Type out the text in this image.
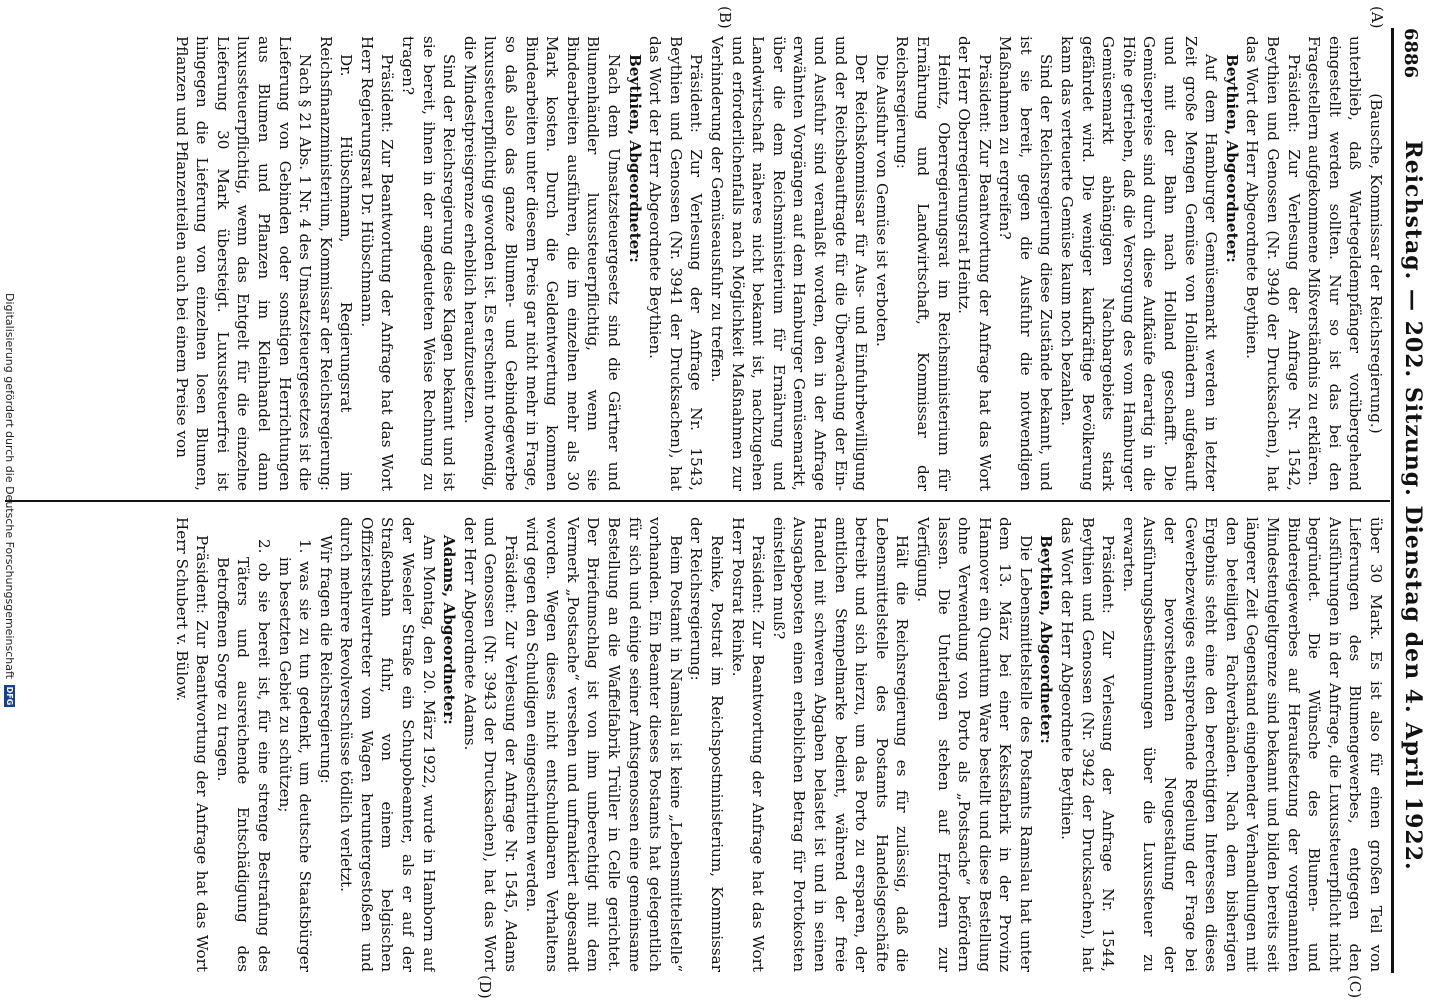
6886
Reichstag. — 202. Sitzung. Dienstag den 4. April 1922.
(A)
(B)
(C)
(D)

(Bausche, Kommissar der Reichsregierung.)

unterblieb, daß Wartegeldempfänger vorübergehend eingestellt werden sollten. Nur so ist das bei den Fragestellern aufgekommene Mißverständnis zu erklären.

Präsident: Zur Verlesung der Anfrage Nr. 1542, Beythien und Genossen (Nr. 3940 der Drucksachen), hat das Wort der Herr Abgeordnete Beythien.

Beythien, Abgeordneter:

Auf dem Hamburger Gemüsemarkt werden in letzter Zeit große Mengen Gemüse von Holländern aufgekauft und mit der Bahn nach Holland geschafft. Die Gemüsepreise sind durch diese Aufkäufe derartig in die Höhe getrieben, daß die Versorgung des vom Hamburger Gemüsemarkt abhängigen Nachbargebiets stark gefährdet wird. Die weniger kaufkräftige Bevölkerung kann das verteuerte Gemüse kaum noch bezahlen.

Sind der Reichsregierung diese Zustände bekannt, und ist sie bereit, gegen die Ausfuhr die notwendigen Maßnahmen zu ergreifen?

Präsident: Zur Beantwortung der Anfrage hat das Wort der Herr Oberregierungsrat Heintz.

Heintz, Oberregierungsrat im Reichsministerium für Ernährung und Landwirtschaft, Kommissar der Reichsregierung:

Die Ausfuhr von Gemüse ist verboten.

Der Reichskommissar für Aus- und Einfuhrbewilligung und der Reichsbeauftragte für die Überwachung der Ein- und Ausfuhr sind veranlaßt worden, den in der Anfrage erwähnten Vorgängen auf dem Hamburger Gemüsemarkt, über die dem Reichsministerium für Ernährung und Landwirtschaft näheres nicht bekannt ist, nachzugehen und erforderlichenfalls nach Möglichkeit Maßnahmen zur Verhinderung der Gemüseausfuhr zu treffen.

Präsident: Zur Verlesung der Anfrage Nr. 1543, Beythien und Genossen (Nr. 3941 der Drucksachen), hat das Wort der Herr Abgeordnete Beythien.

Beythien, Abgeordneter:

Nach dem Umsatzsteuergesetz sind die Gärtner und Blumenhändler luxussteuerpflichtig, wenn sie Bindearbeiten ausführen, die im einzelnen mehr als 30 Mark kosten. Durch die Geldentwertung kommen Bindearbeiten unter diesem Preis gar nicht mehr in Frage, so daß also das ganze Blumen- und Gebindegewerbe luxussteuerpflichtig geworden ist. Es erscheint notwendig, die Mindestpreisgrenze erheblich heraufzusetzen.

Sind der Reichsregierung diese Klagen bekannt und ist sie bereit, ihnen in der angedeuteten Weise Rechnung zu tragen?

Präsident: Zur Beantwortung der Anfrage hat das Wort Herr Regierungsrat Dr. Hübschmann.

Dr. Hübschmann, Regierungsrat im Reichsfinanzministerium, Kommissar der Reichsregierung:

Nach § 21 Abs. 1 Nr. 4 des Umsatzsteuergesetzes ist die Lieferung von Gebinden oder sonstigen Herrichtungen aus Blumen und Pflanzen im Kleinhandel dann luxussteuerpflichtig, wenn das Entgelt für die einzelne Lieferung 30 Mark übersteigt. Luxussteuerfrei ist hingegen die Lieferung von einzelnen losen Blumen, Pflanzen und Pflanzenteilen auch bei einem Preise von

über 30 Mark. Es ist also für einen großen Teil von Lieferungen des Blumengewerbes, entgegen den Ausführungen in der Anfrage, die Luxussteuerpflicht nicht begründet. Die Wünsche des Blumen- und Bindereigewerbes auf Heraufsetzung der vorgenannten Mindestentgeltgrenze sind bekannt und bilden bereits seit längerer Zeit Gegenstand eingehender Verhandlungen mit den beteiligten Fachverbänden. Nach dem bisherigen Ergebnis steht eine den berechtigten Interessen dieses Gewerbezweiges entsprechende Regelung der Frage bei der bevorstehenden Neugestaltung der Ausführungsbestimmungen über die Luxussteuer zu erwarten.

Präsident: Zur Verlesung der Anfrage Nr. 1544, Beythien und Genossen (Nr. 3942 der Drucksachen), hat das Wort der Herr Abgeordnete Beythien.

Beythien, Abgeordneter:

Die Lebensmittelstelle des Postamts Ramslau hat unter dem 13. März bei einer Kekssfabrik in der Provinz Hannover ein Quantum Ware bestellt und diese Bestellung ohne Verwendung von Porto als „Postsache“ befördern lassen. Die Unterlagen stehen auf Erfordern zur Verfügung.

Hält die Reichsregierung es für zulässig, daß die Lebensmittelstelle des Postamts Handelsgeschäfte betreibt und sich hierzu, um das Porto zu ersparen, der amtlichen Stempelmarke bedient, während der freie Handel mit schweren Abgaben belastet ist und in seinen Ausgabeposten einen erheblichen Betrag für Portokosten einstellen muß?

Präsident: Zur Beantwortung der Anfrage hat das Wort Herr Postrat Reinke.

Reinke, Postrat im Reichspostministerium, Kommissar der Reichsregierung:

Beim Postamt in Namslau ist keine „Lebensmittelstelle“ vorhanden. Ein Beamter dieses Postamts hat gelegentlich für sich und einige seiner Amtsgenossen eine gemeinsame Bestellung an die Waffelfabrik Trüller in Celle gerichtet. Der Briefumschlag ist von ihm unberechtigt mit dem Vermerk „Postsache“ versehen und unfrankiert abgesandt worden. Wegen dieses nicht entschuldbaren Verhaltens wird gegen den Schuldigen eingeschritten werden.

Präsident: Zur Verlesung der Anfrage Nr. 1545, Adams und Genossen (Nr. 3943 der Drucksachen), hat das Wort der Herr Abgeordnete Adams.

Adams, Abgeordneter:

Am Montag, den 20. März 1922, wurde in Hamborn auf der Weseler Straße ein Schupobeamter, als er auf der Straßenbahn fuhr, von einem belgischen Offizierstellvertreter vom Wagen heruntergestoßen und durch mehrere Revolverschüsse tödlich verletzt.

Wir fragen die Reichsregierung:

1. was sie zu tun gedenkt, um deutsche Staatsbürger im besetzten Gebiet zu schützen;

2. ob sie bereit ist, für eine strenge Bestrafung des Täters und ausreichende Entschädigung des Betroffenen Sorge zu tragen.

Präsident: Zur Beantwortung der Anfrage hat das Wort Herr Schubert v. Bülow.

Digitalisierung gefördert durch die Deutsche Forschungsgemeinschaft
DFG
